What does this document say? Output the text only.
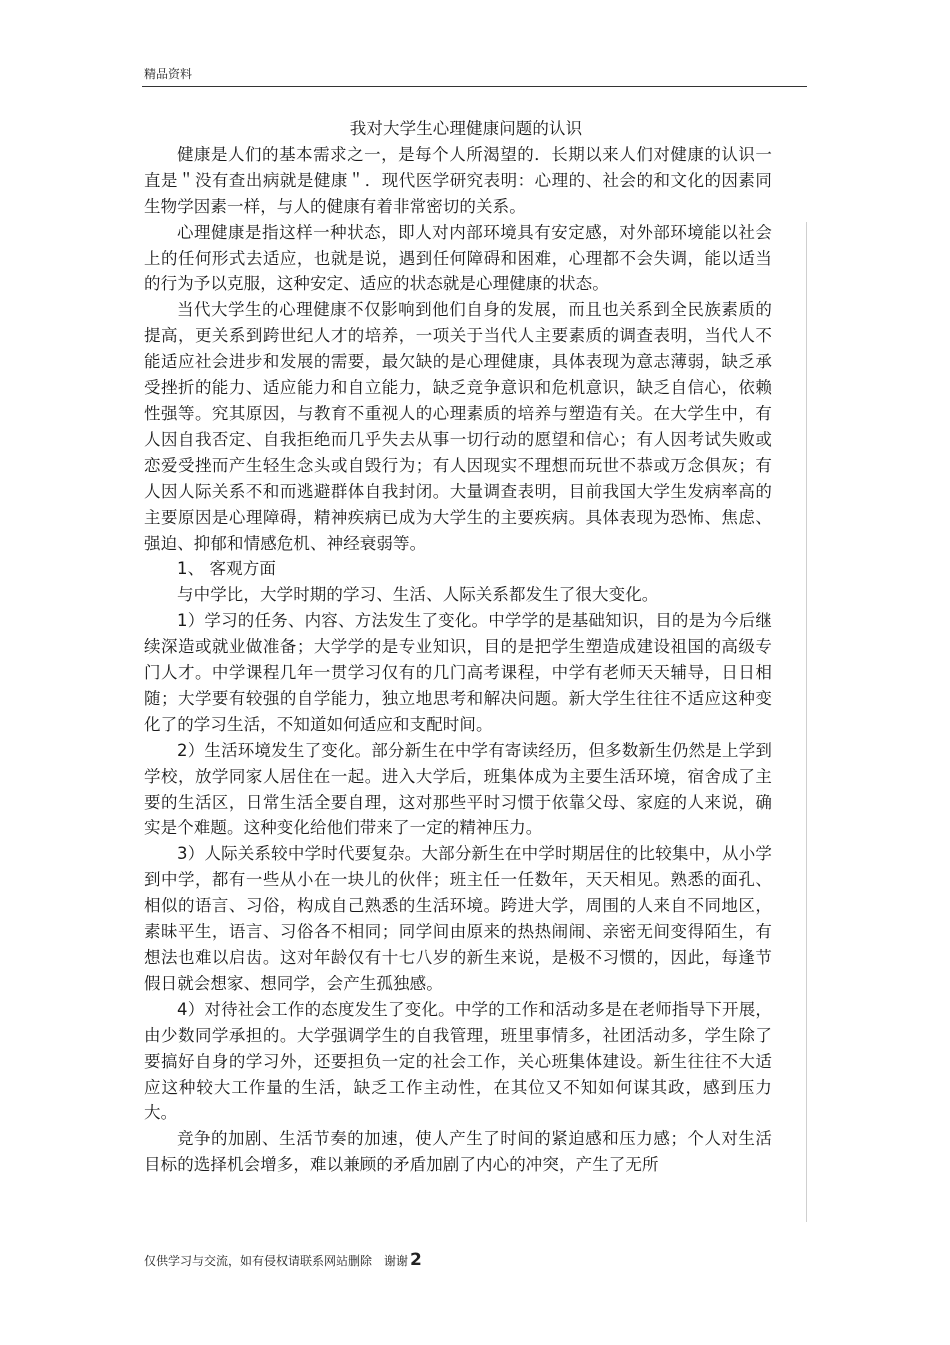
精品资料

我对大学生心理健康问题的认识

健康是人们的基本需求之一，是每个人所渴望的．长期以来人们对健康的认识一直是＂没有查出病就是健康＂．现代医学研究表明：心理的、社会的和文化的因素同生物学因素一样，与人的健康有着非常密切的关系。

心理健康是指这样一种状态，即人对内部环境具有安定感，对外部环境能以社会上的任何形式去适应，也就是说，遇到任何障碍和困难，心理都不会失调，能以适当的行为予以克服，这种安定、适应的状态就是心理健康的状态。

当代大学生的心理健康不仅影响到他们自身的发展，而且也关系到全民族素质的提高，更关系到跨世纪人才的培养，一项关于当代人主要素质的调查表明，当代人不能适应社会进步和发展的需要，最欠缺的是心理健康，具体表现为意志薄弱，缺乏承受挫折的能力、适应能力和自立能力，缺乏竞争意识和危机意识，缺乏自信心，依赖性强等。究其原因，与教育不重视人的心理素质的培养与塑造有关。在大学生中，有人因自我否定、自我拒绝而几乎失去从事一切行动的愿望和信心；有人因考试失败或恋爱受挫而产生轻生念头或自毁行为；有人因现实不理想而玩世不恭或万念俱灰；有人因人际关系不和而逃避群体自我封闭。大量调查表明，目前我国大学生发病率高的主要原因是心理障碍，精神疾病已成为大学生的主要疾病。具体表现为恐怖、焦虑、强迫、抑郁和情感危机、神经衰弱等。

1、 客观方面

与中学比，大学时期的学习、生活、人际关系都发生了很大变化。

1）学习的任务、内容、方法发生了变化。中学学的是基础知识，目的是为今后继续深造或就业做准备；大学学的是专业知识，目的是把学生塑造成建设祖国的高级专门人才。中学课程几年一贯学习仅有的几门高考课程，中学有老师天天辅导，日日相随；大学要有较强的自学能力，独立地思考和解决问题。新大学生往往不适应这种变化了的学习生活，不知道如何适应和支配时间。

2）生活环境发生了变化。部分新生在中学有寄读经历，但多数新生仍然是上学到学校，放学同家人居住在一起。进入大学后，班集体成为主要生活环境，宿舍成了主要的生活区，日常生活全要自理，这对那些平时习惯于依靠父母、家庭的人来说，确实是个难题。这种变化给他们带来了一定的精神压力。

3）人际关系较中学时代要复杂。大部分新生在中学时期居住的比较集中，从小学到中学，都有一些从小在一块儿的伙伴；班主任一任数年，天天相见。熟悉的面孔、相似的语言、习俗，构成自己熟悉的生活环境。跨进大学，周围的人来自不同地区，素昧平生，语言、习俗各不相同；同学间由原来的热热闹闹、亲密无间变得陌生，有想法也难以启齿。这对年龄仅有十七八岁的新生来说，是极不习惯的，因此，每逢节假日就会想家、想同学，会产生孤独感。

4）对待社会工作的态度发生了变化。中学的工作和活动多是在老师指导下开展，由少数同学承担的。大学强调学生的自我管理，班里事情多，社团活动多，学生除了要搞好自身的学习外，还要担负一定的社会工作，关心班集体建设。新生往往不大适应这种较大工作量的生活，缺乏工作主动性，在其位又不知如何谋其政，感到压力大。

竞争的加剧、生活节奏的加速，使人产生了时间的紧迫感和压力感；个人对生活目标的选择机会增多，难以兼顾的矛盾加剧了内心的冲突，产生了无所

仅供学习与交流，如有侵权请联系网站删除 谢谢 2
